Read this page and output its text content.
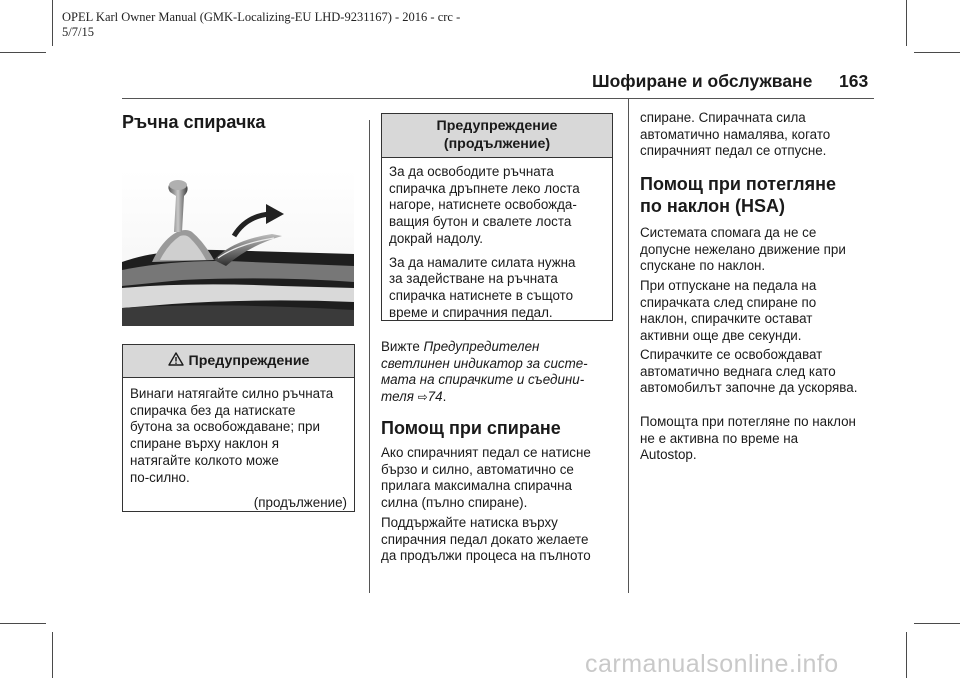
OPEL Karl Owner Manual (GMK-Localizing-EU LHD-9231167) - 2016 - crc -
5/7/15
Шофиране и обслужване 163
Ръчна спирачка
Предупреждение

Винаги натягайте силно ръчната
спирачка без да натискате
бутона за освобождаване; при
спиране върху наклон я
натягайте колкото може
по-силно.

(продължение)
Предупреждение
(продължение)

За да освободите ръчната
спирачка дръпнете леко лоста
нагоре, натиснете освобожда-
ващия бутон и свалете лоста
докрай надолу.

За да намалите силата нужна
за задействане на ръчната
спирачка натиснете в същото
време и спирачния педал.

Вижте Предупредителен
светлинен индикатор за систе-
мата на спирачките и съедини-
теля ⇨74.

Помощ при спиране

Ако спирачният педал се натисне
бързо и силно, автоматично се
прилага максимална спирачна
силна (пълно спиране).

Поддържайте натиска върху
спирачния педал докато желаете
да продължи процеса на пълното

спиране. Спирачната сила
автоматично намалява, когато
спирачният педал се отпусне.

Помощ при потегляне
по наклон (HSA)

Системата спомага да не се
допусне нежелано движение при
спускане по наклон.

При отпускане на педала на
спирачката след спиране по
наклон, спирачките остават
активни още две секунди.

Спирачките се освобождават
автоматично веднага след като
автомобилът започне да ускорява.

Помощта при потегляне по наклон
не е активна по време на
Autostop.

carmanualsonline.info
